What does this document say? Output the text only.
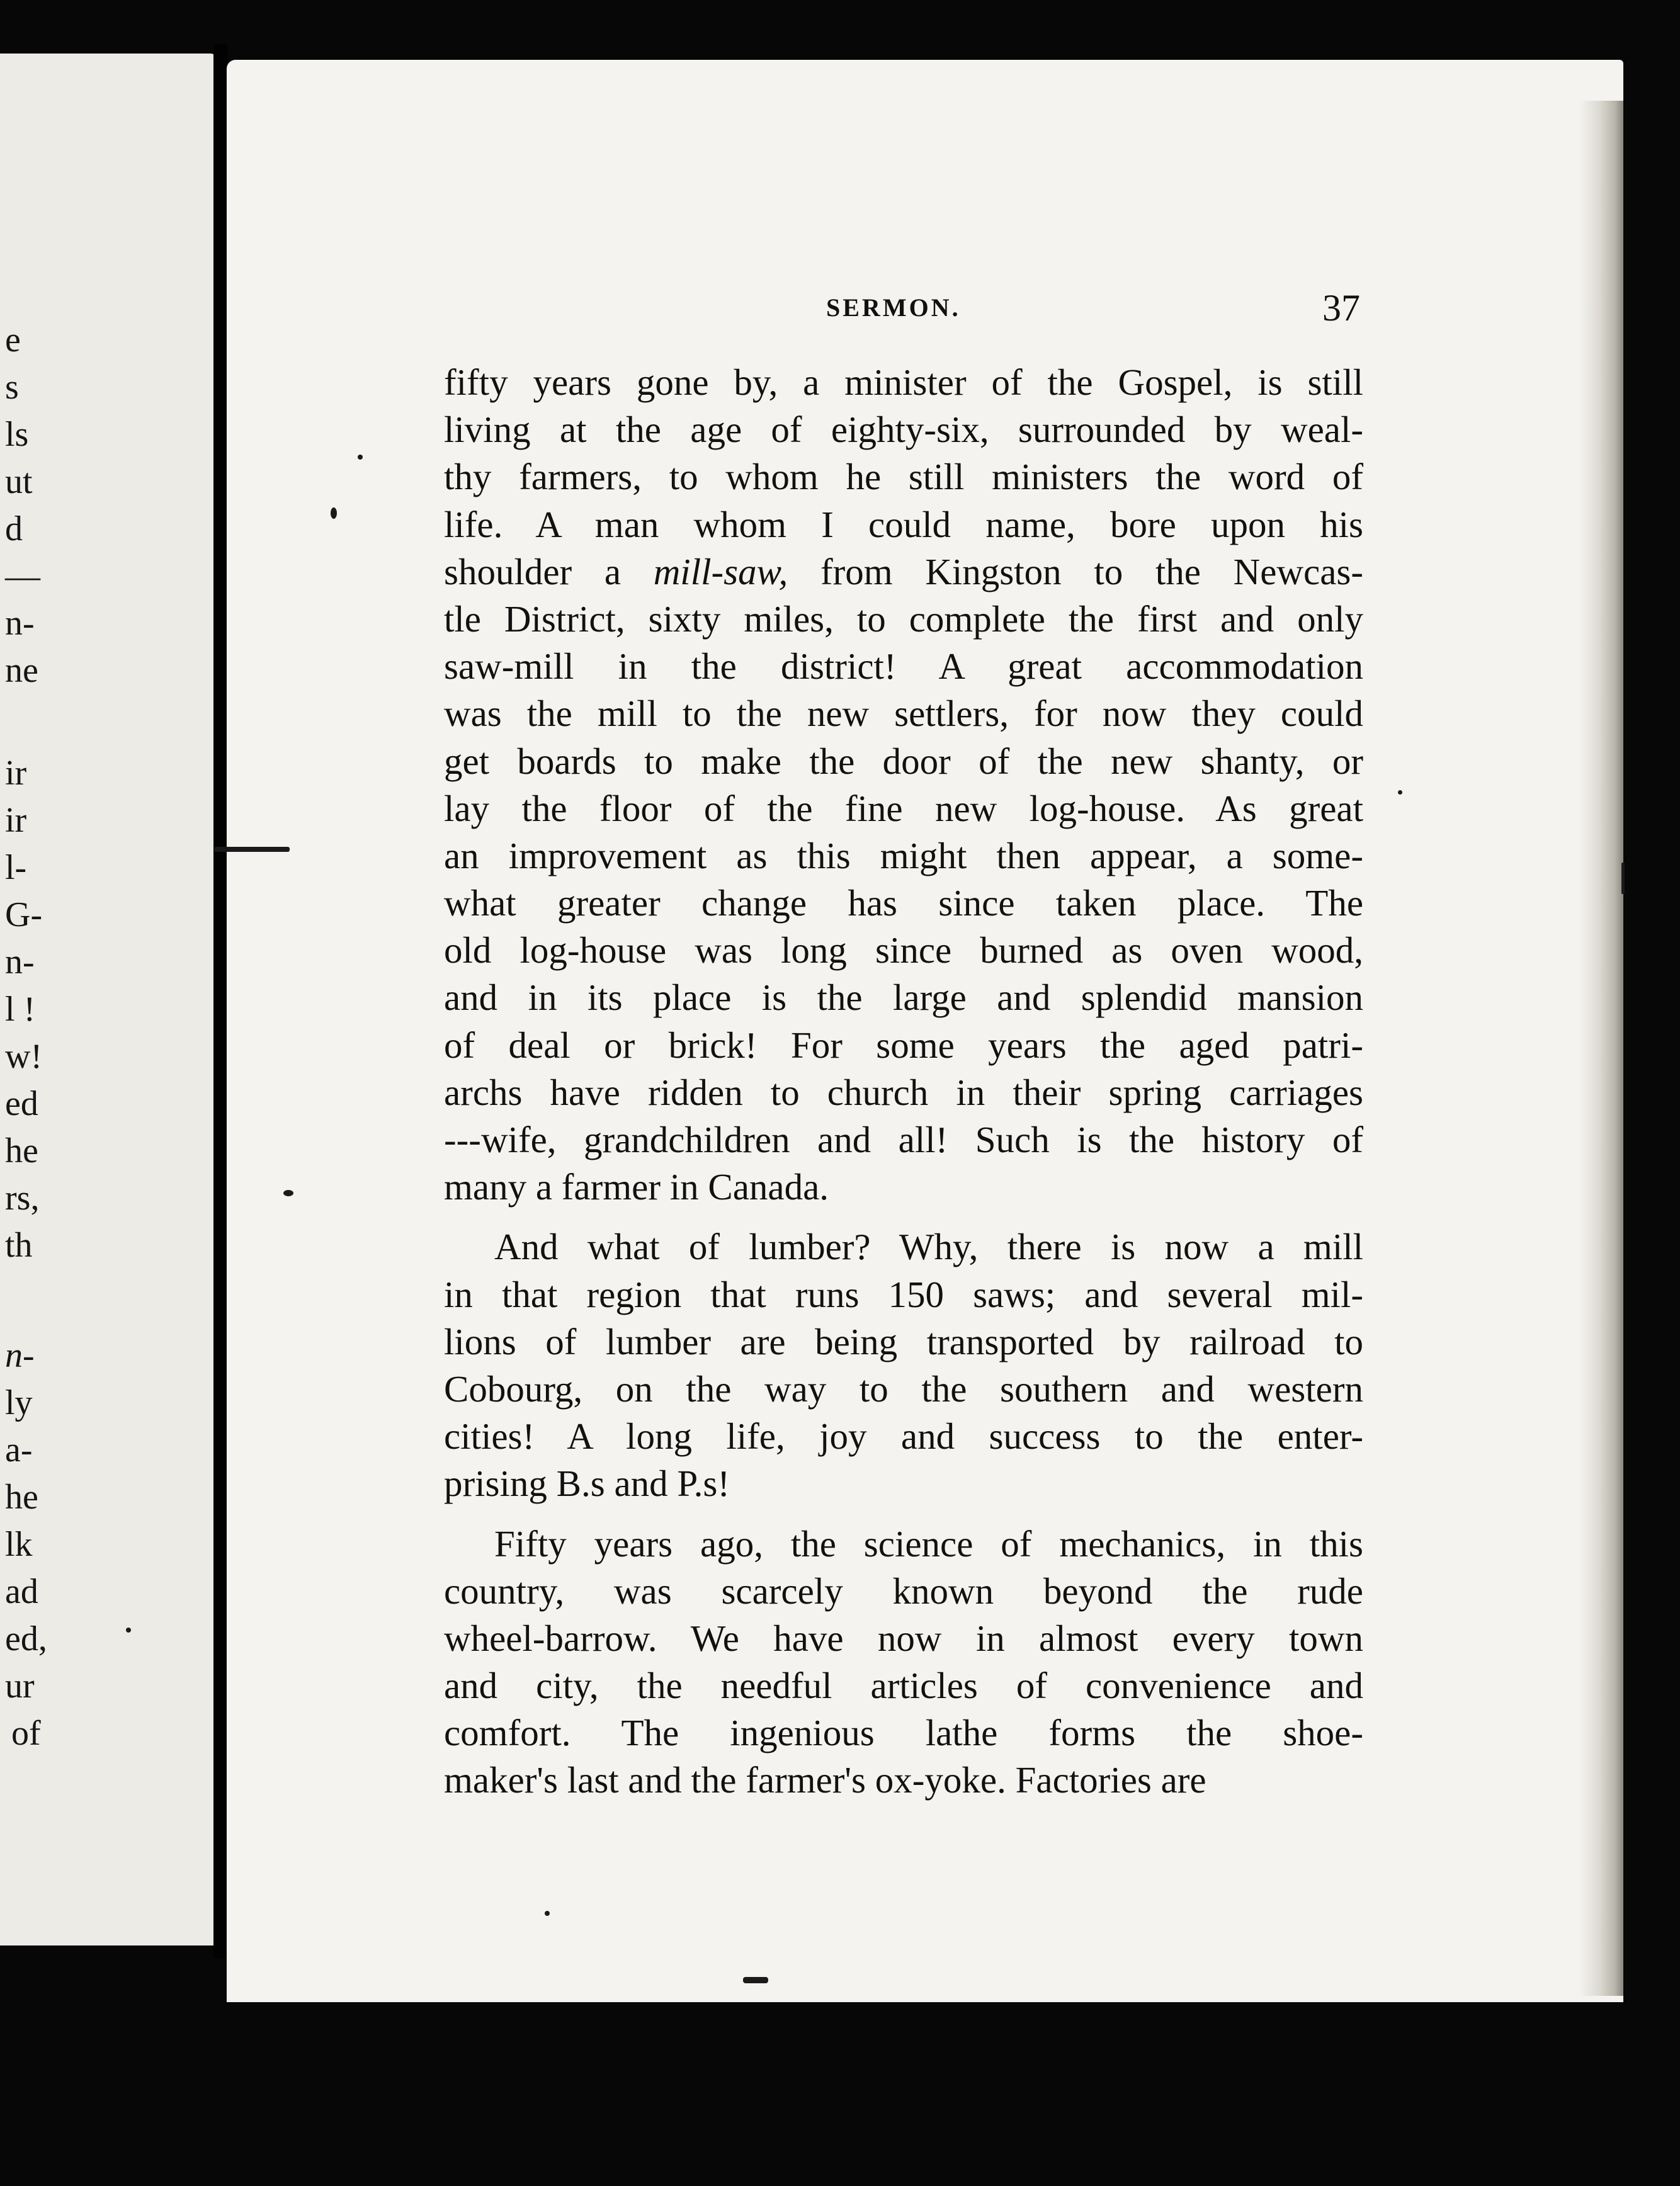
e
s
ls
ut
d
—
n-
ne
ir
ir
l-
G-
n-
l !
w!
ed
he
rs,
th
n-
ly
a-
he
lk
ad
ed,
ur
of
SERMON.	37
fifty years gone by, a minister of the Gospel, is still
living at the age of eighty-six, surrounded by weal-
thy farmers, to whom he still ministers the word of
life. A man whom I could name, bore upon his
shoulder a mill-saw, from Kingston to the Newcas-
tle District, sixty miles, to complete the first and only
saw-mill in the district! A great accommodation
was the mill to the new settlers, for now they could
get boards to make the door of the new shanty, or
lay the floor of the fine new log-house. As great
an improvement as this might then appear, a some-
what greater change has since taken place. The
old log-house was long since burned as oven wood,
and in its place is the large and splendid mansion
of deal or brick! For some years the aged patri-
archs have ridden to church in their spring carriages
---wife, grandchildren and all! Such is the history of
many a farmer in Canada.
And what of lumber? Why, there is now a mill
in that region that runs 150 saws; and several mil-
lions of lumber are being transported by railroad to
Cobourg, on the way to the southern and western
cities! A long life, joy and success to the enter-
prising B.s and P.s!
Fifty years ago, the science of mechanics, in this
country, was scarcely known beyond the rude
wheel-barrow. We have now in almost every town
and city, the needful articles of convenience and
comfort. The ingenious lathe forms the shoe-
maker's last and the farmer's ox-yoke. Factories are
